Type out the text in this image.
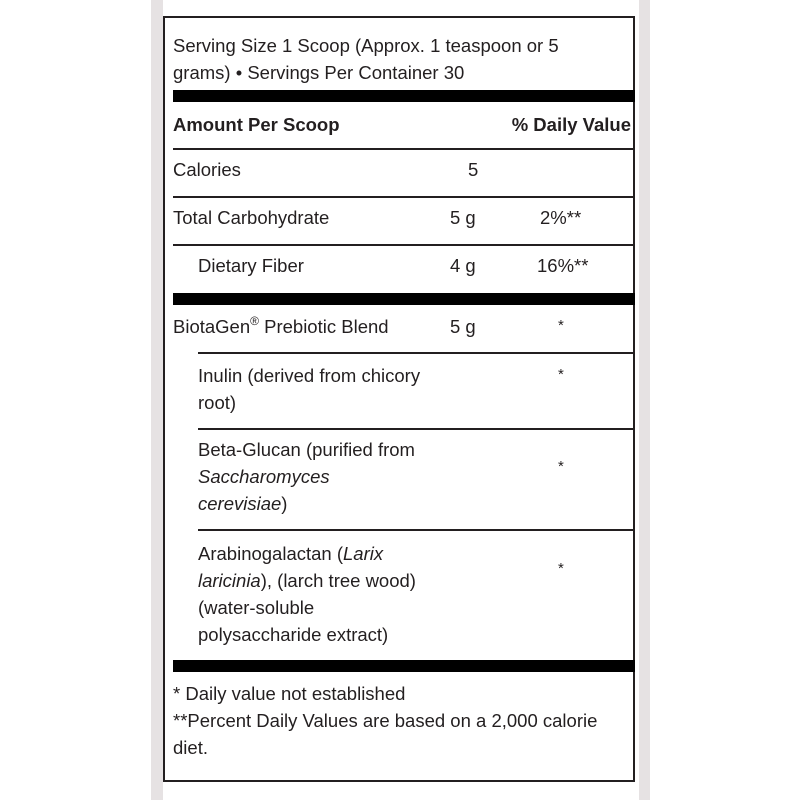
Serving Size 1 Scoop (Approx. 1 teaspoon or 5
grams) • Servings Per Container 30
Amount Per Scoop	% Daily Value
Calories	5
Total Carbohydrate	5 g	2%**
Dietary Fiber	4 g	16%**
BiotaGen® Prebiotic Blend	5 g	*
Inulin (derived from chicory
root)
*
Beta-Glucan (purified from
Saccharomyces
cerevisiae)
*
Arabinogalactan (Larix
laricinia), (larch tree wood)
(water-soluble
polysaccharide extract)
*
* Daily value not established
**Percent Daily Values are based on a 2,000 calorie
diet.
